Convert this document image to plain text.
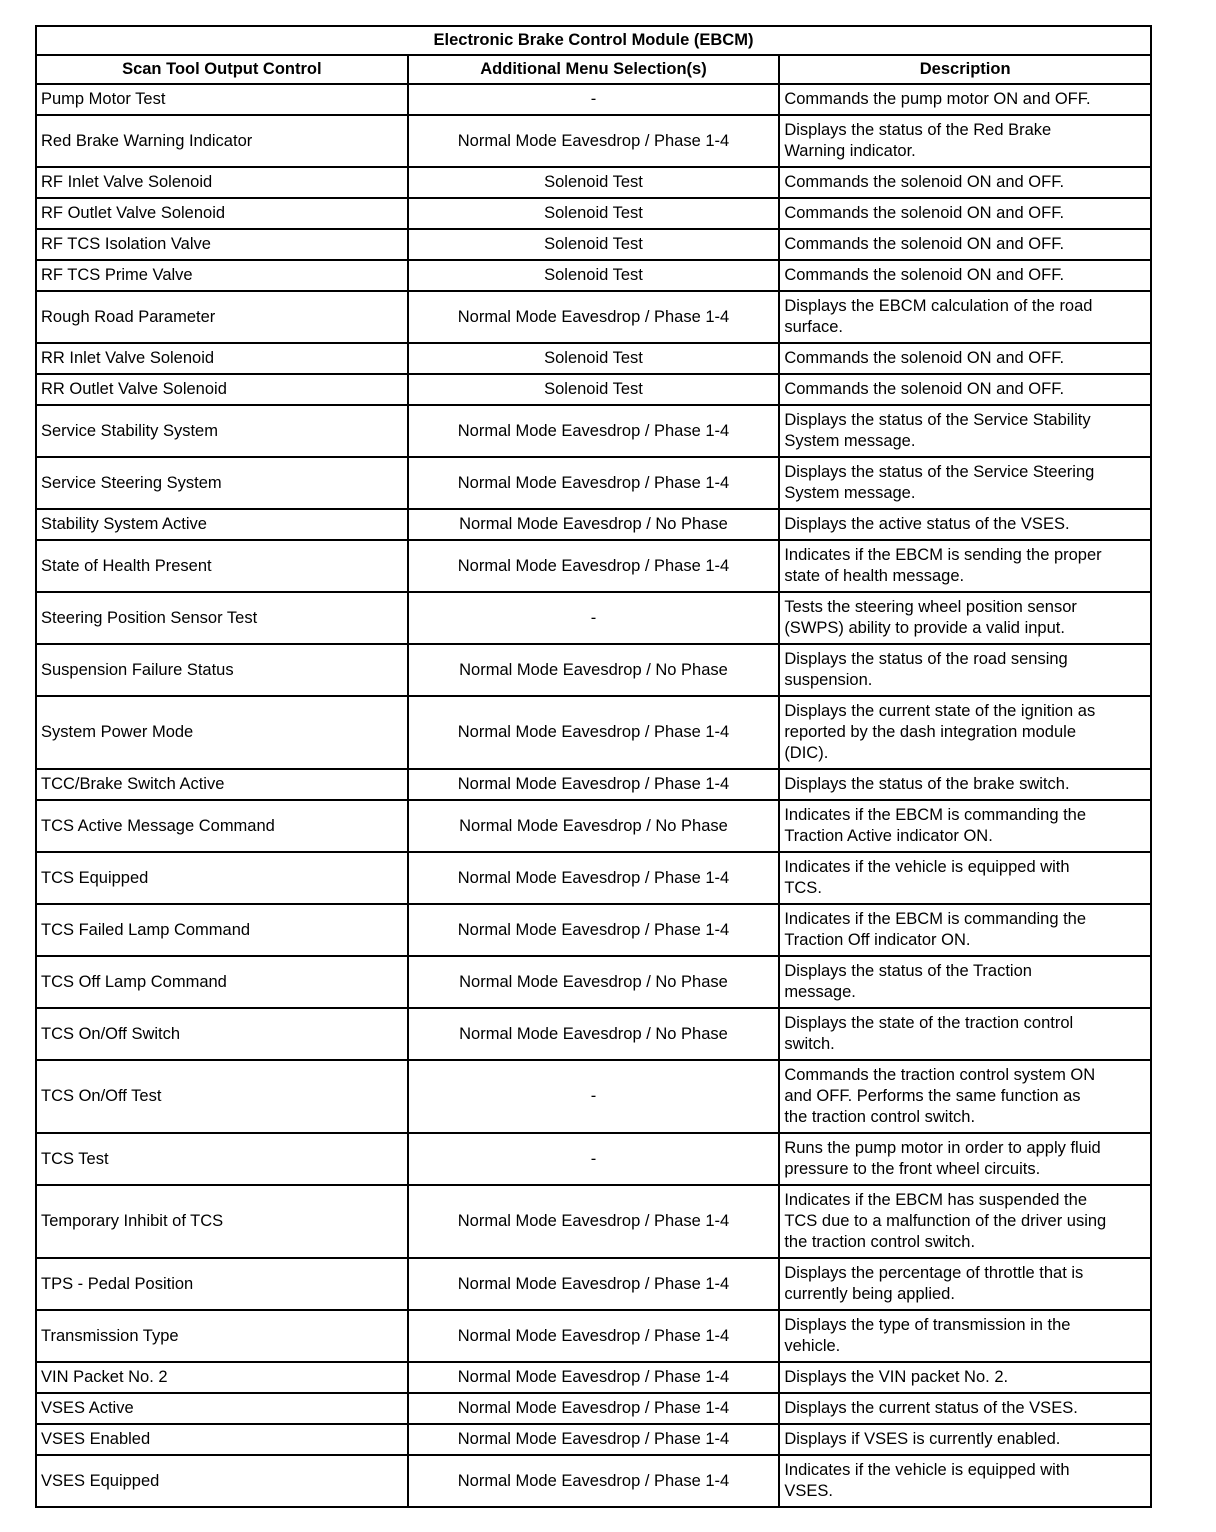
Electronic Brake Control Module (EBCM)		
Scan Tool Output Control	Additional Menu Selection(s)	Description
Pump Motor Test	-	Commands the pump motor ON and OFF.
Red Brake Warning Indicator	Normal Mode Eavesdrop / Phase 1-4	Displays the status of the Red Brake
Warning indicator.
RF Inlet Valve Solenoid	Solenoid Test	Commands the solenoid ON and OFF.
RF Outlet Valve Solenoid	Solenoid Test	Commands the solenoid ON and OFF.
RF TCS Isolation Valve	Solenoid Test	Commands the solenoid ON and OFF.
RF TCS Prime Valve	Solenoid Test	Commands the solenoid ON and OFF.
Rough Road Parameter	Normal Mode Eavesdrop / Phase 1-4	Displays the EBCM calculation of the road
surface.
RR Inlet Valve Solenoid	Solenoid Test	Commands the solenoid ON and OFF.
RR Outlet Valve Solenoid	Solenoid Test	Commands the solenoid ON and OFF.
Service Stability System	Normal Mode Eavesdrop / Phase 1-4	Displays the status of the Service Stability
System message.
Service Steering System	Normal Mode Eavesdrop / Phase 1-4	Displays the status of the Service Steering
System message.
Stability System Active	Normal Mode Eavesdrop / No Phase	Displays the active status of the VSES.
State of Health Present	Normal Mode Eavesdrop / Phase 1-4	Indicates if the EBCM is sending the proper
state of health message.
Steering Position Sensor Test	-	Tests the steering wheel position sensor
(SWPS) ability to provide a valid input.
Suspension Failure Status	Normal Mode Eavesdrop / No Phase	Displays the status of the road sensing
suspension.
System Power Mode	Normal Mode Eavesdrop / Phase 1-4	Displays the current state of the ignition as
reported by the dash integration module
(DIC).
TCC/Brake Switch Active	Normal Mode Eavesdrop / Phase 1-4	Displays the status of the brake switch.
TCS Active Message Command	Normal Mode Eavesdrop / No Phase	Indicates if the EBCM is commanding the
Traction Active indicator ON.
TCS Equipped	Normal Mode Eavesdrop / Phase 1-4	Indicates if the vehicle is equipped with
TCS.
TCS Failed Lamp Command	Normal Mode Eavesdrop / Phase 1-4	Indicates if the EBCM is commanding the
Traction Off indicator ON.
TCS Off Lamp Command	Normal Mode Eavesdrop / No Phase	Displays the status of the Traction
message.
TCS On/Off Switch	Normal Mode Eavesdrop / No Phase	Displays the state of the traction control
switch.
TCS On/Off Test	-	Commands the traction control system ON
and OFF. Performs the same function as
the traction control switch.
TCS Test	-	Runs the pump motor in order to apply fluid
pressure to the front wheel circuits.
Temporary Inhibit of TCS	Normal Mode Eavesdrop / Phase 1-4	Indicates if the EBCM has suspended the
TCS due to a malfunction of the driver using
the traction control switch.
TPS - Pedal Position	Normal Mode Eavesdrop / Phase 1-4	Displays the percentage of throttle that is
currently being applied.
Transmission Type	Normal Mode Eavesdrop / Phase 1-4	Displays the type of transmission in the
vehicle.
VIN Packet No. 2	Normal Mode Eavesdrop / Phase 1-4	Displays the VIN packet No. 2.
VSES Active	Normal Mode Eavesdrop / Phase 1-4	Displays the current status of the VSES.
VSES Enabled	Normal Mode Eavesdrop / Phase 1-4	Displays if VSES is currently enabled.
VSES Equipped	Normal Mode Eavesdrop / Phase 1-4	Indicates if the vehicle is equipped with
VSES.
